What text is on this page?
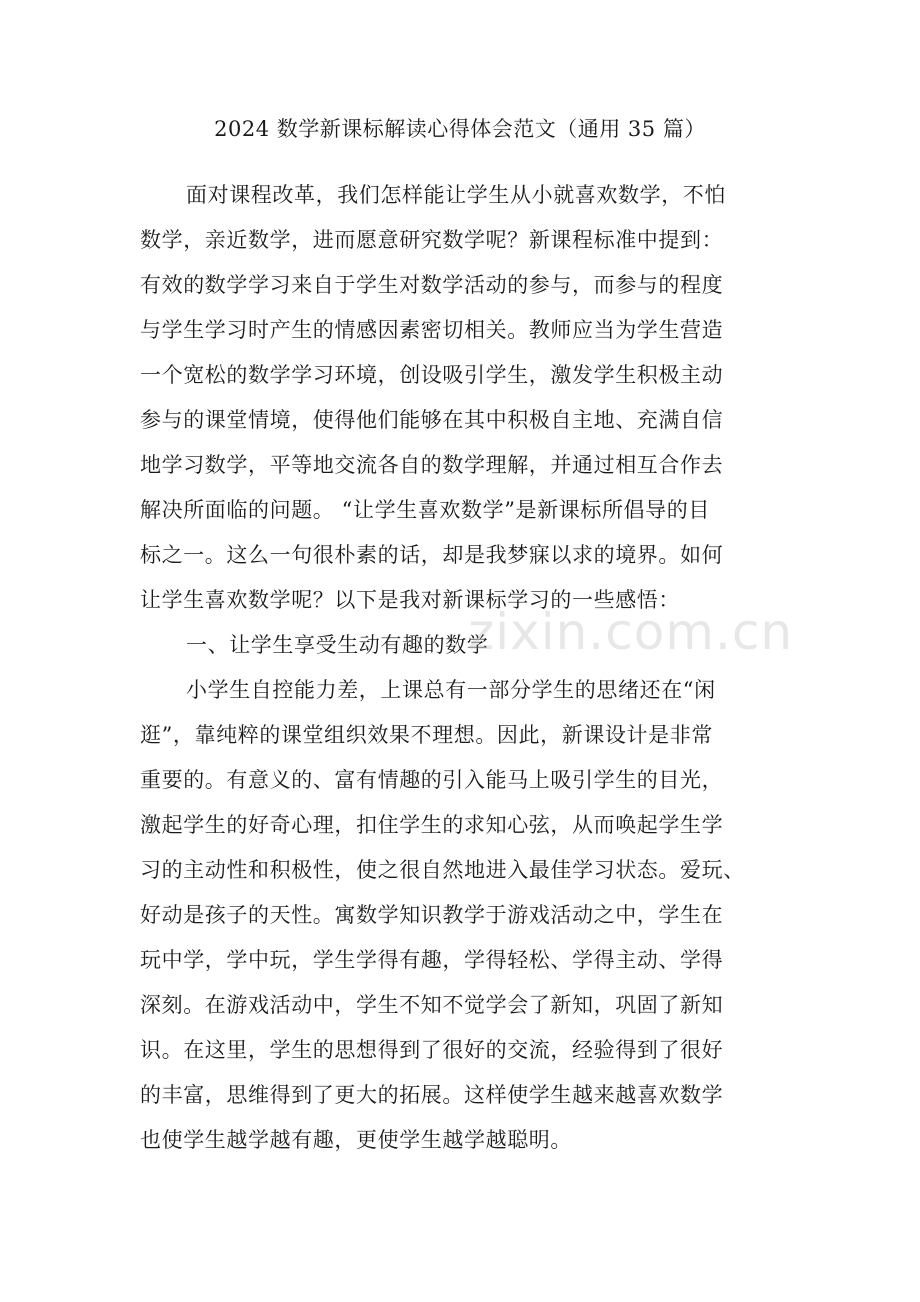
2024 数学新课标解读心得体会范文（通用 35 篇）
面对课程改革，我们怎样能让学生从小就喜欢数学，不怕
数学，亲近数学，进而愿意研究数学呢？新课程标准中提到：
有效的数学学习来自于学生对数学活动的参与，而参与的程度
与学生学习时产生的情感因素密切相关。教师应当为学生营造
一个宽松的数学学习环境，创设吸引学生，激发学生积极主动
参与的课堂情境，使得他们能够在其中积极自主地、充满自信
地学习数学，平等地交流各自的数学理解，并通过相互合作去
解决所面临的问题。 “让学生喜欢数学”是新课标所倡导的目
标之一。这么一句很朴素的话，却是我梦寐以求的境界。如何
让学生喜欢数学呢？以下是我对新课标学习的一些感悟：
一、让学生享受生动有趣的数学
小学生自控能力差，上课总有一部分学生的思绪还在“闲
逛”，靠纯粹的课堂组织效果不理想。因此，新课设计是非常
重要的。有意义的、富有情趣的引入能马上吸引学生的目光，
激起学生的好奇心理，扣住学生的求知心弦，从而唤起学生学
习的主动性和积极性，使之很自然地进入最佳学习状态。爱玩、
好动是孩子的天性。寓数学知识教学于游戏活动之中，学生在
玩中学，学中玩，学生学得有趣，学得轻松、学得主动、学得
深刻。在游戏活动中，学生不知不觉学会了新知，巩固了新知
识。在这里，学生的思想得到了很好的交流，经验得到了很好
的丰富，思维得到了更大的拓展。这样使学生越来越喜欢数学
也使学生越学越有趣，更使学生越学越聪明。
zixin.com.cn
